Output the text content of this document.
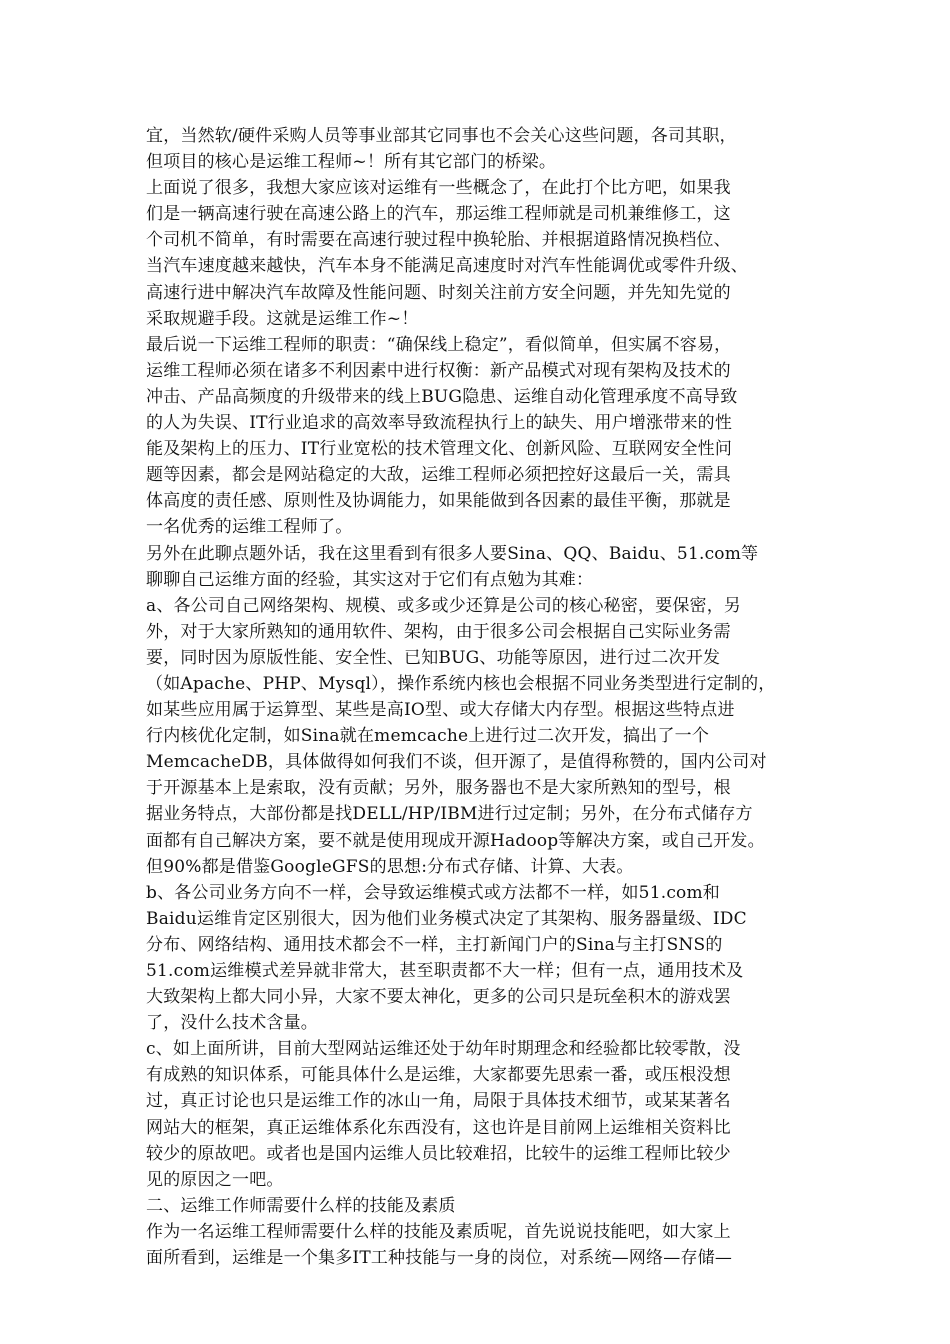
宜，当然软/硬件采购人员等事业部其它同事也不会关心这些问题，各司其职，
但项目的核心是运维工程师~！所有其它部门的桥梁。
上面说了很多，我想大家应该对运维有一些概念了，在此打个比方吧，如果我
们是一辆高速行驶在高速公路上的汽车，那运维工程师就是司机兼维修工，这
个司机不简单，有时需要在高速行驶过程中换轮胎、并根据道路情况换档位、
当汽车速度越来越快，汽车本身不能满足高速度时对汽车性能调优或零件升级、
高速行进中解决汽车故障及性能问题、时刻关注前方安全问题，并先知先觉的
采取规避手段。这就是运维工作~！
最后说一下运维工程师的职责：“确保线上稳定”，看似简单，但实属不容易，
运维工程师必须在诸多不利因素中进行权衡：新产品模式对现有架构及技术的
冲击、产品高频度的升级带来的线上BUG隐患、运维自动化管理承度不高导致
的人为失误、IT行业追求的高效率导致流程执行上的缺失、用户增涨带来的性
能及架构上的压力、IT行业宽松的技术管理文化、创新风险、互联网安全性问
题等因素，都会是网站稳定的大敌，运维工程师必须把控好这最后一关，需具
体高度的责任感、原则性及协调能力，如果能做到各因素的最佳平衡，那就是
一名优秀的运维工程师了。
另外在此聊点题外话，我在这里看到有很多人要Sina、QQ、Baidu、51.com等
聊聊自己运维方面的经验，其实这对于它们有点勉为其难：
a、各公司自己网络架构、规模、或多或少还算是公司的核心秘密，要保密，另
外，对于大家所熟知的通用软件、架构，由于很多公司会根据自己实际业务需
要，同时因为原版性能、安全性、已知BUG、功能等原因，进行过二次开发
（如Apache、PHP、Mysql），操作系统内核也会根据不同业务类型进行定制的，
如某些应用属于运算型、某些是高IO型、或大存储大内存型。根据这些特点进
行内核优化定制，如Sina就在memcache上进行过二次开发，搞出了一个
MemcacheDB，具体做得如何我们不谈，但开源了，是值得称赞的，国内公司对
于开源基本上是索取，没有贡献；另外，服务器也不是大家所熟知的型号，根
据业务特点，大部份都是找DELL/HP/IBM进行过定制；另外，在分布式储存方
面都有自己解决方案，要不就是使用现成开源Hadoop等解决方案，或自己开发。
但90%都是借鉴GoogleGFS的思想:分布式存储、计算、大表。
b、各公司业务方向不一样，会导致运维模式或方法都不一样，如51.com和
Baidu运维肯定区别很大，因为他们业务模式决定了其架构、服务器量级、IDC
分布、网络结构、通用技术都会不一样，主打新闻门户的Sina与主打SNS的
51.com运维模式差异就非常大，甚至职责都不大一样；但有一点，通用技术及
大致架构上都大同小异，大家不要太神化，更多的公司只是玩垒积木的游戏罢
了，没什么技术含量。
c、如上面所讲，目前大型网站运维还处于幼年时期理念和经验都比较零散，没
有成熟的知识体系，可能具体什么是运维，大家都要先思索一番，或压根没想
过，真正讨论也只是运维工作的冰山一角，局限于具体技术细节，或某某著名
网站大的框架，真正运维体系化东西没有，这也许是目前网上运维相关资料比
较少的原故吧。或者也是国内运维人员比较难招，比较牛的运维工程师比较少
见的原因之一吧。
二、运维工作师需要什么样的技能及素质
作为一名运维工程师需要什么样的技能及素质呢，首先说说技能吧，如大家上
面所看到，运维是一个集多IT工种技能与一身的岗位，对系统—网络—存储—
